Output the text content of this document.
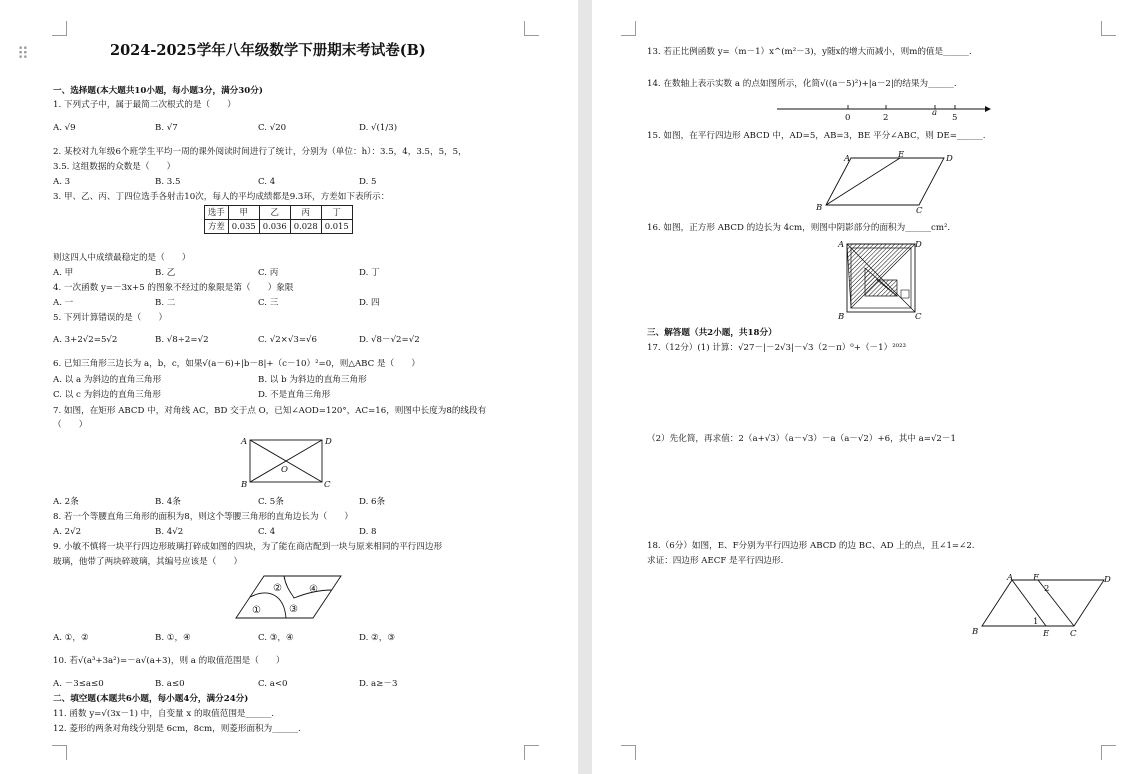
⠿	2024-2025学年八年级数学下册期末考试卷(B)
一、选择题(本大题共10小题，每小题3分，满分30分)
1. 下列式子中，属于最简二次根式的是（　　）
A. √9	B. √7	C. √20	D. √(1/3)
2. 某校对九年级6个班学生平均一周的课外阅读时间进行了统计，分别为（单位：h）：3.5，4，3.5，5，5，
3.5. 这组数据的众数是（　　）
A. 3	B. 3.5	C. 4	D. 5
3. 甲、乙、丙、丁四位选手各射击10次，每人的平均成绩都是9.3环，方差如下表所示：
选手	甲	乙	丙	丁
方差	0.035	0.036	0.028	0.015
则这四人中成绩最稳定的是（　　）
A. 甲	B. 乙	C. 丙	D. 丁
4. 一次函数 y=－3x+5 的图象不经过的象限是第（　　）象限
A. 一	B. 二	C. 三	D. 四
5. 下列计算错误的是（　　）
A. 3+2√2=5√2	B. √8÷2=√2	C. √2×√3=√6	D. √8－√2=√2
6. 已知三角形三边长为 a，b，c，如果√(a－6)+|b－8|+（c－10）²=0，则△ABC 是（　　）
A. 以 a 为斜边的直角三角形	B. 以 b 为斜边的直角三角形
C. 以 c 为斜边的直角三角形	D. 不是直角三角形
7. 如图，在矩形 ABCD 中，对角线 AC，BD 交于点 O，已知∠AOD=120°，AC=16，则图中长度为8的线段有
（　　）
A	D
O
B	C
A. 2条	B. 4条	C. 5条	D. 6条
8. 若一个等腰直角三角形的面积为8，则这个等腰三角形的直角边长为（　　）
A. 2√2	B. 4√2	C. 4	D. 8
9. 小敏不慎将一块平行四边形玻璃打碎成如图的四块，为了能在商店配到一块与原来相同的平行四边形
玻璃，他带了两块碎玻璃，其编号应该是（　　）
①
②
③
④
A. ①，②	B. ①，④	C. ③，④	D. ②，③
10. 若√(a³+3a²)=－a√(a+3)，则 a 的取值范围是（　　）
A. －3≤a≤0	B. a≤0	C. a<0	D. a≥－3
二、填空题(本题共6小题，每小题4分，满分24分)
11. 函数 y=√(3x－1) 中，自变量 x 的取值范围是______.
12. 菱形的两条对角线分别是 6cm，8cm，则菱形面积为______.
13. 若正比例函数 y=（m－1）x^(m²－3)，y随x的增大而减小，则m的值是______.
14. 在数轴上表示实数 a 的点如图所示，化简√((a－5)²)+|a－2|的结果为______.
0	2	a 5
15. 如图，在平行四边形 ABCD 中，AD=5，AB=3，BE 平分∠ABC，则 DE=______.
A	E	D
B	C
16. 如图，正方形 ABCD 的边长为 4cm，则图中阴影部分的面积为______cm².
A	D
B	C
三、解答题（共2小题，共18分）
17.（12分）(1) 计算：√27－|－2√3|－√3（2－π）⁰+（－1）²⁰²³
（2）先化简，再求值：2（a+√3）（a－√3）－a（a－√2）+6，其中 a=√2－1
18.（6分）如图，E、F分别为平行四边形 ABCD 的边 BC、AD 上的点，且∠1=∠2.
求证：四边形 AECF 是平行四边形.
A F	D
2
1
B	E C
